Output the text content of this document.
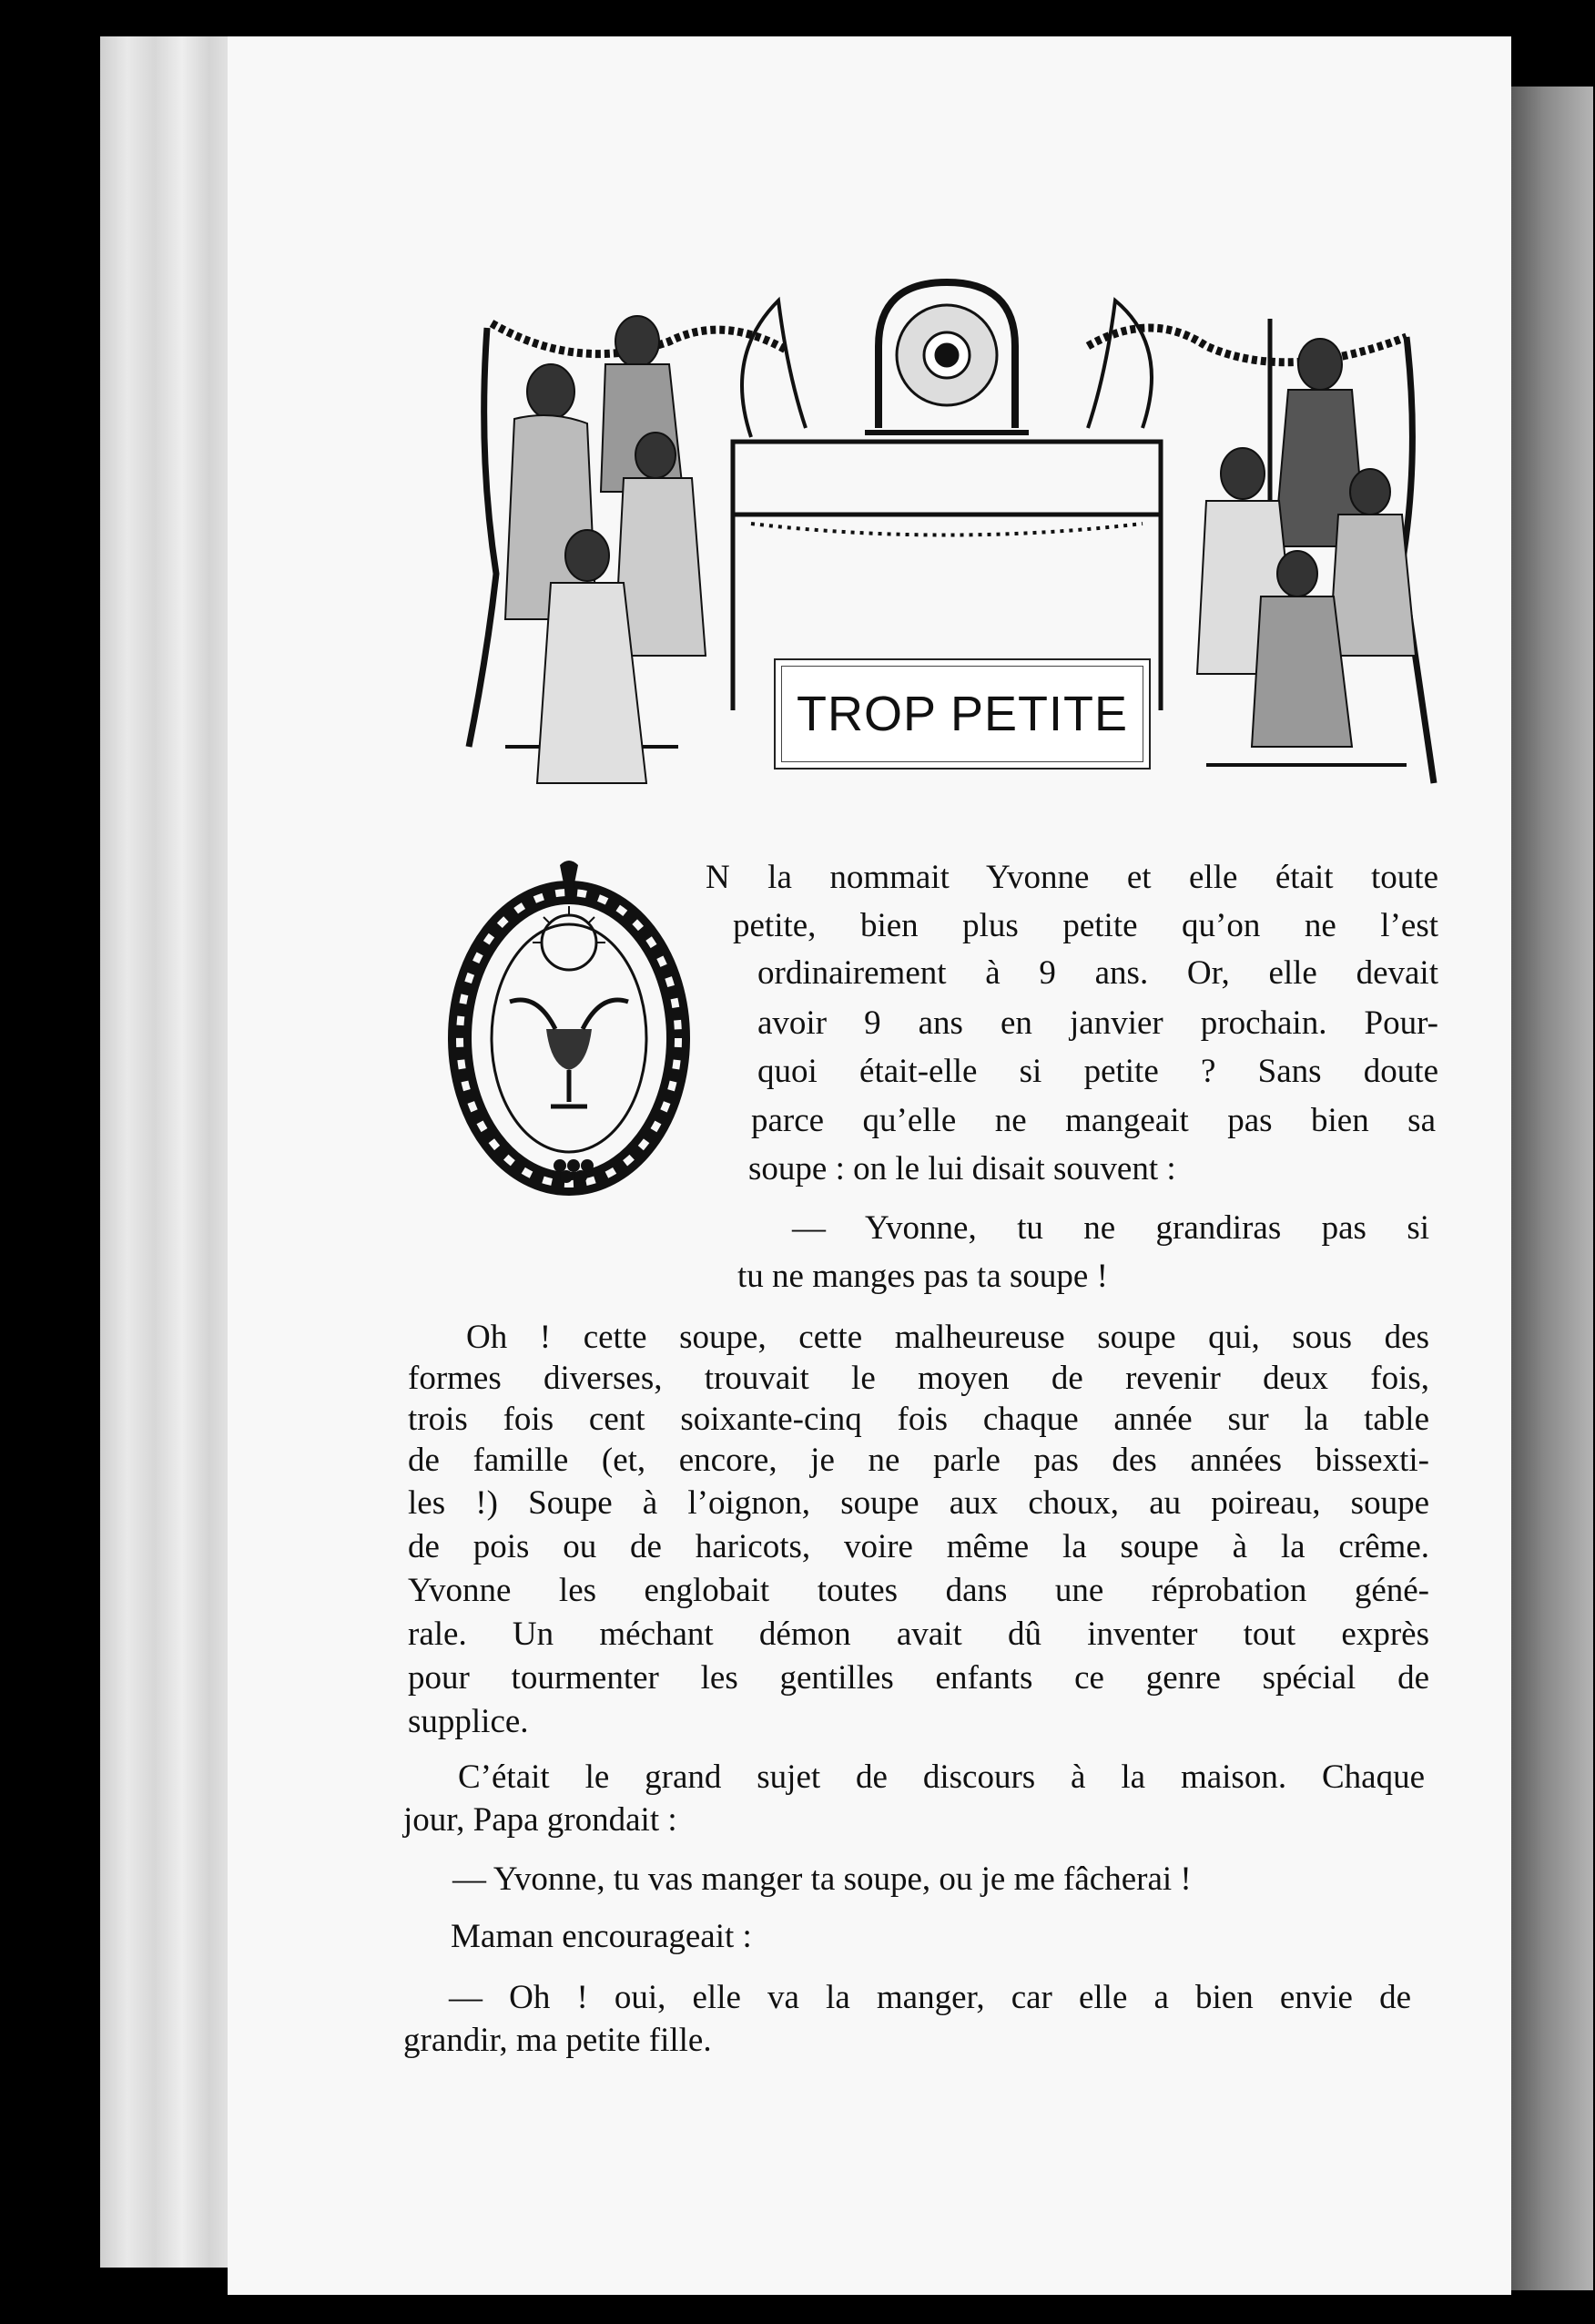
TROP PETITE
N la nommait Yvonne et elle était toute
petite, bien plus petite qu’on ne l’est
ordinairement à 9 ans. Or, elle devait
avoir 9 ans en janvier prochain. Pour-
quoi était-elle si petite ? Sans doute
parce qu’elle ne mangeait pas bien sa
soupe : on le lui disait souvent :
— Yvonne, tu ne grandiras pas si
tu ne manges pas ta soupe !
Oh ! cette soupe, cette malheureuse soupe qui, sous des
formes diverses, trouvait le moyen de revenir deux fois,
trois fois cent soixante-cinq fois chaque année sur la table
de famille (et, encore, je ne parle pas des années bissexti-
les !) Soupe à l’oignon, soupe aux choux, au poireau, soupe
de pois ou de haricots, voire même la soupe à la crême.
Yvonne les englobait toutes dans une réprobation géné-
rale. Un méchant démon avait dû inventer tout exprès
pour tourmenter les gentilles enfants ce genre spécial de
supplice.
C’était le grand sujet de discours à la maison. Chaque
jour, Papa grondait :
— Yvonne, tu vas manger ta soupe, ou je me fâcherai !
Maman encourageait :
— Oh ! oui, elle va la manger, car elle a bien envie de
grandir, ma petite fille.
